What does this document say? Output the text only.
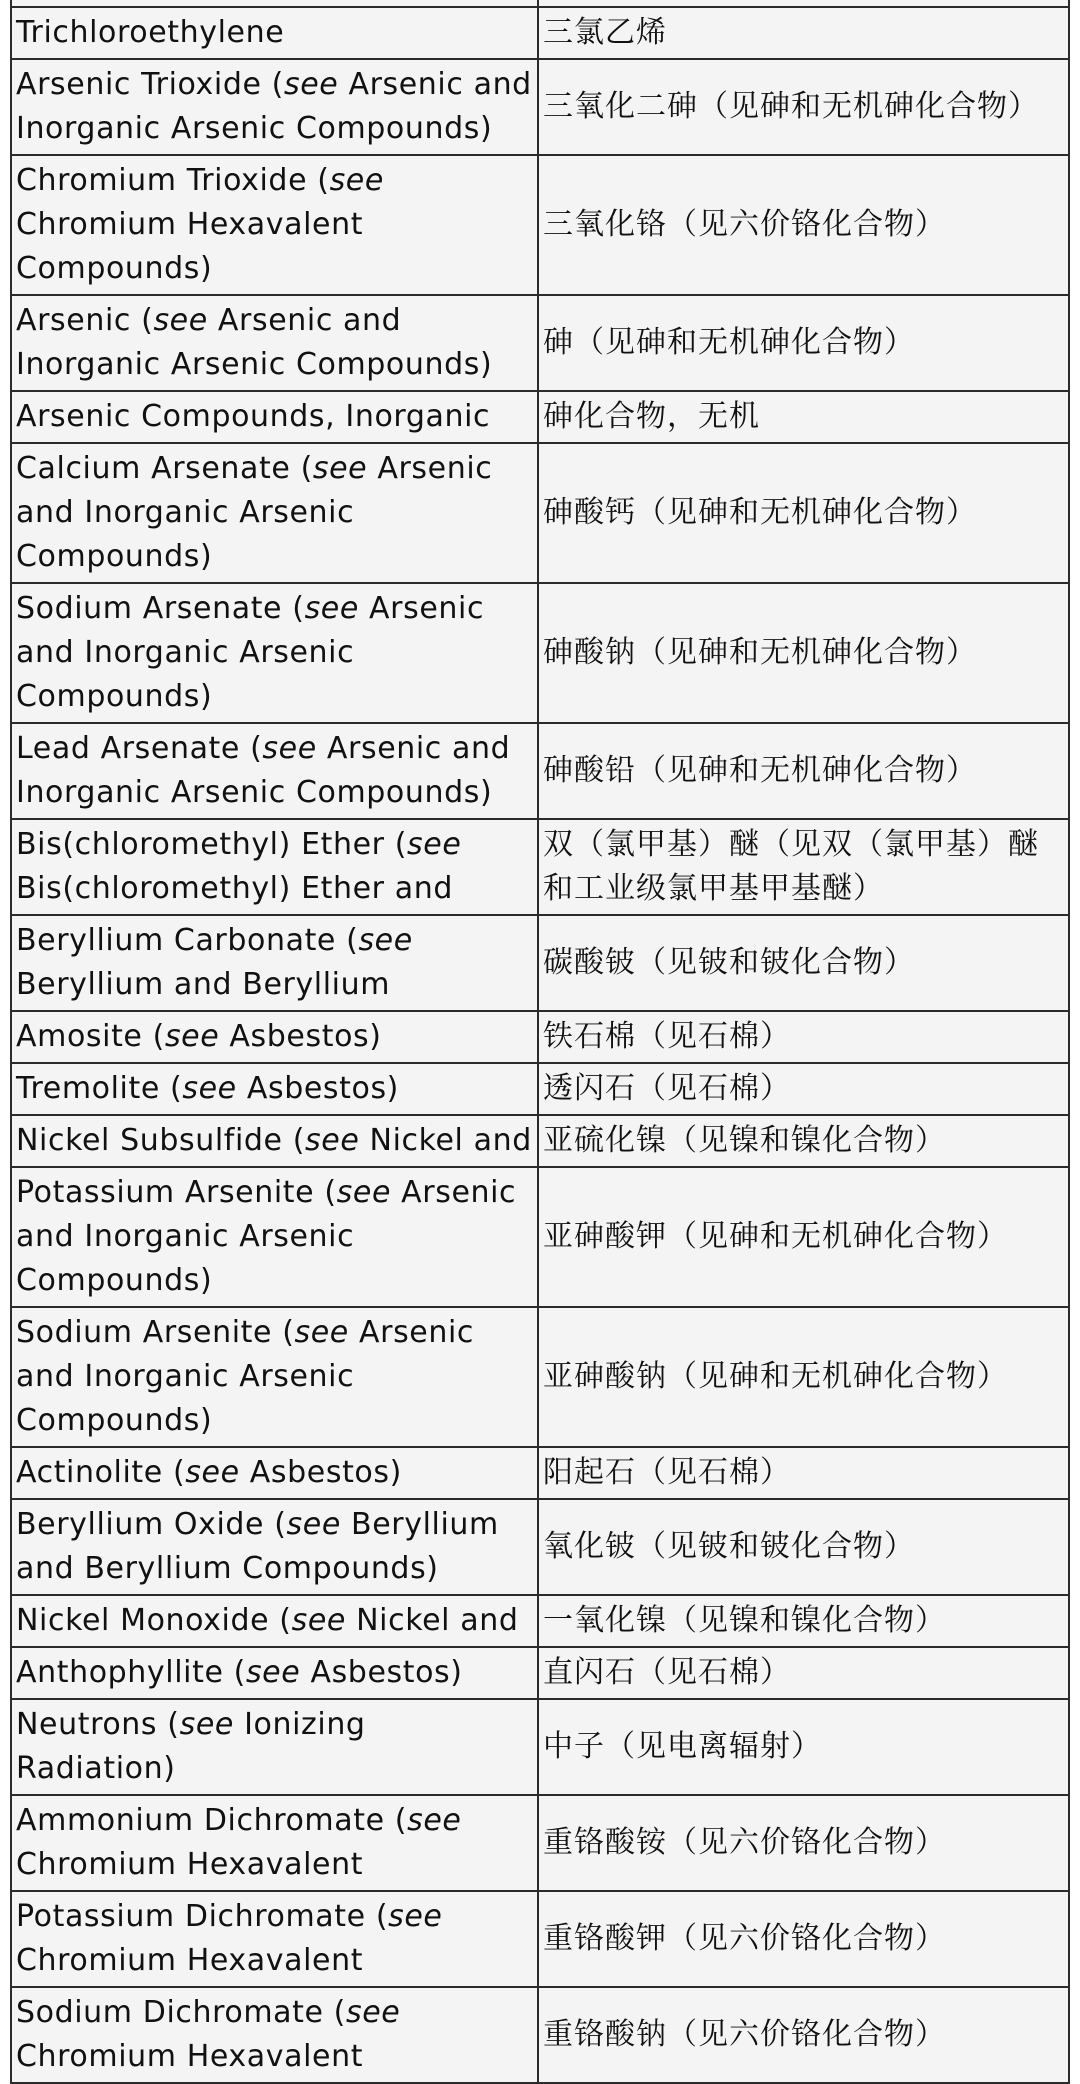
Trichloroethylene	三氯乙烯
Arsenic Trioxide (see Arsenic and Inorganic Arsenic Compounds)	三氧化二砷（见砷和无机砷化合物）
Chromium Trioxide (see Chromium Hexavalent Compounds)	三氧化铬（见六价铬化合物）
Arsenic (see Arsenic and Inorganic Arsenic Compounds)	砷（见砷和无机砷化合物）
Arsenic Compounds, Inorganic	砷化合物，无机
Calcium Arsenate (see Arsenic and Inorganic Arsenic Compounds)	砷酸钙（见砷和无机砷化合物）
Sodium Arsenate (see Arsenic and Inorganic Arsenic Compounds)	砷酸钠（见砷和无机砷化合物）
Lead Arsenate (see Arsenic and Inorganic Arsenic Compounds)	砷酸铅（见砷和无机砷化合物）
Bis(chloromethyl) Ether (see Bis(chloromethyl) Ether and	双（氯甲基）醚（见双（氯甲基）醚和工业级氯甲基甲基醚）
Beryllium Carbonate (see Beryllium and Beryllium	碳酸铍（见铍和铍化合物）
Amosite (see Asbestos)	铁石棉（见石棉）
Tremolite (see Asbestos)	透闪石（见石棉）
Nickel Subsulfide (see Nickel and	亚硫化镍（见镍和镍化合物）
Potassium Arsenite (see Arsenic and Inorganic Arsenic Compounds)	亚砷酸钾（见砷和无机砷化合物）
Sodium Arsenite (see Arsenic and Inorganic Arsenic Compounds)	亚砷酸钠（见砷和无机砷化合物）
Actinolite (see Asbestos)	阳起石（见石棉）
Beryllium Oxide (see Beryllium and Beryllium Compounds)	氧化铍（见铍和铍化合物）
Nickel Monoxide (see Nickel and	一氧化镍（见镍和镍化合物）
Anthophyllite (see Asbestos)	直闪石（见石棉）
Neutrons (see Ionizing Radiation)	中子（见电离辐射）
Ammonium Dichromate (see Chromium Hexavalent	重铬酸铵（见六价铬化合物）
Potassium Dichromate (see Chromium Hexavalent	重铬酸钾（见六价铬化合物）
Sodium Dichromate (see Chromium Hexavalent	重铬酸钠（见六价铬化合物）
